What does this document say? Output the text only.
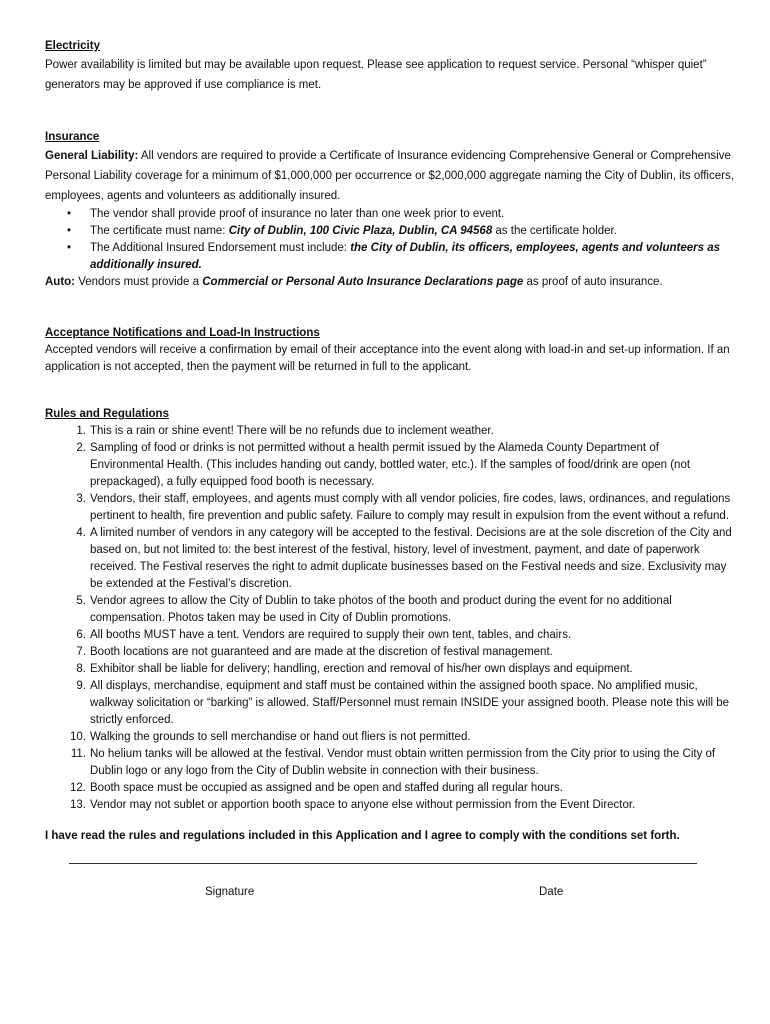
Electricity

Power availability is limited but may be available upon request. Please see application to request service. Personal “whisper quiet” generators may be approved if use compliance is met.

Insurance

General Liability: All vendors are required to provide a Certificate of Insurance evidencing Comprehensive General or Comprehensive Personal Liability coverage for a minimum of $1,000,000 per occurrence or $2,000,000 aggregate naming the City of Dublin, its officers, employees, agents and volunteers as additionally insured.

• The vendor shall provide proof of insurance no later than one week prior to event.
• The certificate must name: City of Dublin, 100 Civic Plaza, Dublin, CA 94568 as the certificate holder.
• The Additional Insured Endorsement must include: the City of Dublin, its officers, employees, agents and volunteers as additionally insured.

Auto: Vendors must provide a Commercial or Personal Auto Insurance Declarations page as proof of auto insurance.

Acceptance Notifications and Load-In Instructions

Accepted vendors will receive a confirmation by email of their acceptance into the event along with load-in and set-up information. If an application is not accepted, then the payment will be returned in full to the applicant.

Rules and Regulations

1. This is a rain or shine event! There will be no refunds due to inclement weather.
2. Sampling of food or drinks is not permitted without a health permit issued by the Alameda County Department of Environmental Health. (This includes handing out candy, bottled water, etc.). If the samples of food/drink are open (not prepackaged), a fully equipped food booth is necessary.
3. Vendors, their staff, employees, and agents must comply with all vendor policies, fire codes, laws, ordinances, and regulations pertinent to health, fire prevention and public safety. Failure to comply may result in expulsion from the event without a refund.
4. A limited number of vendors in any category will be accepted to the festival. Decisions are at the sole discretion of the City and based on, but not limited to: the best interest of the festival, history, level of investment, payment, and date of paperwork received. The Festival reserves the right to admit duplicate businesses based on the Festival needs and size. Exclusivity may be extended at the Festival’s discretion.
5. Vendor agrees to allow the City of Dublin to take photos of the booth and product during the event for no additional compensation. Photos taken may be used in City of Dublin promotions.
6. All booths MUST have a tent. Vendors are required to supply their own tent, tables, and chairs.
7. Booth locations are not guaranteed and are made at the discretion of festival management.
8. Exhibitor shall be liable for delivery; handling, erection and removal of his/her own displays and equipment.
9. All displays, merchandise, equipment and staff must be contained within the assigned booth space. No amplified music, walkway solicitation or “barking” is allowed. Staff/Personnel must remain INSIDE your assigned booth. Please note this will be strictly enforced.
10. Walking the grounds to sell merchandise or hand out fliers is not permitted.
11. No helium tanks will be allowed at the festival. Vendor must obtain written permission from the City prior to using the City of Dublin logo or any logo from the City of Dublin website in connection with their business.
12. Booth space must be occupied as assigned and be open and staffed during all regular hours.
13. Vendor may not sublet or apportion booth space to anyone else without permission from the Event Director.

I have read the rules and regulations included in this Application and I agree to comply with the conditions set forth.

Signature	Date
